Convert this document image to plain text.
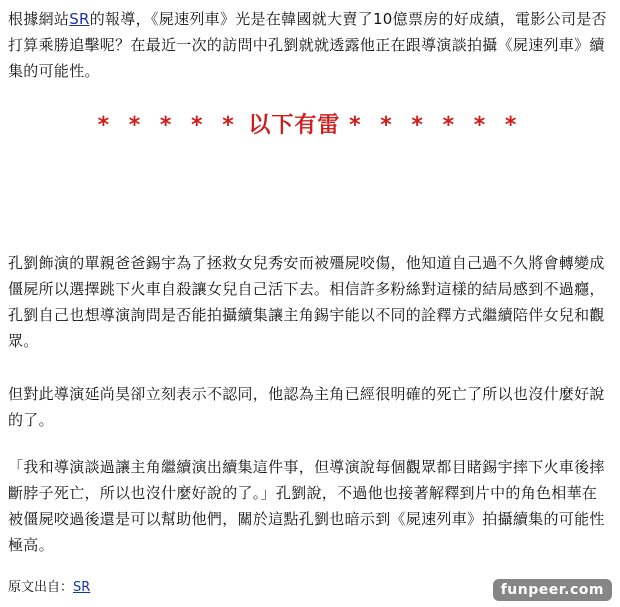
根據網站SR的報導，《屍速列車》光是在韓國就大賣了10億票房的好成績，電影公司是否打算乘勝追擊呢？在最近一次的訪問中孔劉就就透露他正在跟導演談拍攝《屍速列車》續集的可能性。

* * * * * 以下有雷 * * * * * *

孔劉飾演的單親爸爸錫宇為了拯救女兒秀安而被殭屍咬傷，他知道自己過不久將會轉變成僵屍所以選擇跳下火車自殺讓女兒自己活下去。相信許多粉絲對這樣的結局感到不過癮，孔劉自己也想導演詢問是否能拍攝續集讓主角錫宇能以不同的詮釋方式繼續陪伴女兒和觀眾。

但對此導演延尚昊卻立刻表示不認同，他認為主角已經很明確的死亡了所以也沒什麼好說的了。

「我和導演談過讓主角繼續演出續集這件事，但導演說每個觀眾都目睹錫宇摔下火車後摔斷脖子死亡，所以也沒什麼好說的了。」孔劉說，不過他也接著解釋到片中的角色相華在被僵屍咬過後還是可以幫助他們，關於這點孔劉也暗示到《屍速列車》拍攝續集的可能性極高。

原文出自：SR	funpeer.com
